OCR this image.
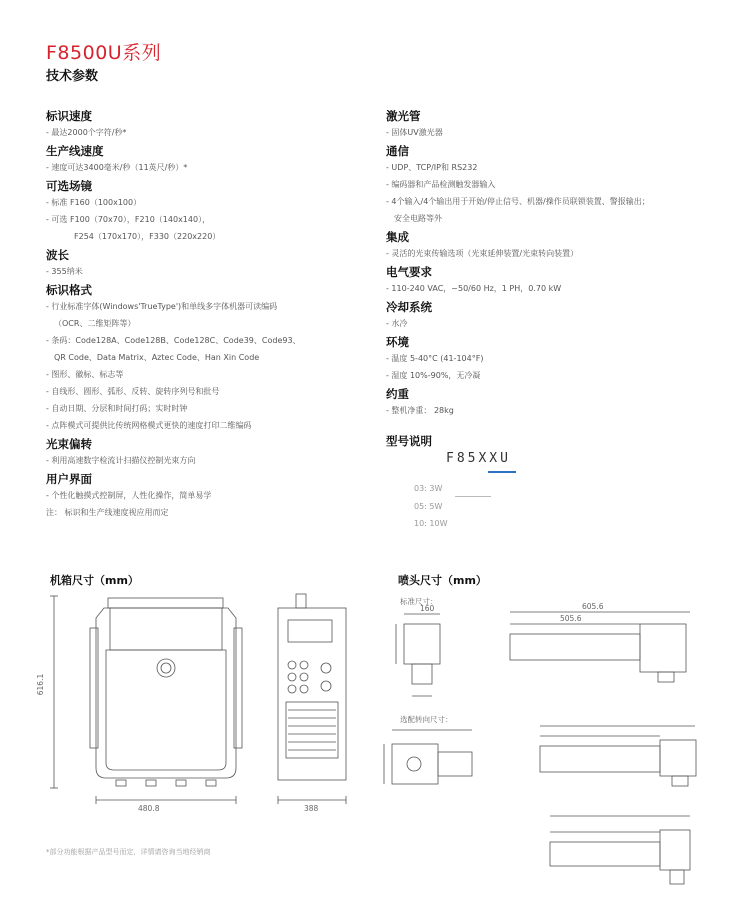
F8500U系列
技术参数
标识速度
- 最达2000个字符/秒*
生产线速度
- 速度可达3400毫米/秒（11英尺/秒）*
可选场镜
- 标准 F160（100x100）
- 可选 F100（70x70），F210（140x140），
F254（170x170），F330（220x220）
波长
- 355纳米
标识格式
- 行业标准字体(Windows'TrueType')和单线多字体机器可读编码
（OCR、二维矩阵等）
- 条码：Code128A、Code128B、Code128C、Code39、Code93、
QR Code、Data Matrix、Aztec Code、Han Xin Code
- 图形、徽标、标志等
- 自线形、圆形、弧形、反转、旋转序列号和批号
- 自动日期、分层和时间打码；实时时钟
- 点阵模式可提供比传统网格模式更快的速度打印二维编码
光束偏转
- 利用高速数字检流计扫描仪控制光束方向
用户界面
- 个性化触摸式控制屏，人性化操作，简单易学
注： 标识和生产线速度视应用而定
激光管
- 固体UV激光器
通信
- UDP、TCP/IP和 RS232
- 编码器和产品检测触发器输入
- 4个输入/4个输出用于开始/停止信号、机器/操作员联锁装置、警报输出；
安全电路等外
集成
- 灵活的光束传输选项（光束延伸装置/光束转向装置）
电气要求
- 110-240 VAC，~50/60 Hz，1 PH，0.70 kW
冷却系统
- 水冷
环境
- 温度 5-40°C (41-104°F)
- 湿度 10%-90%，无冷凝
约重
- 整机净重： 28kg
型号说明
F85XXU
03: 3W
05: 5W
10: 10W
机箱尺寸（mm）	喷头尺寸（mm）
616.1
480.8	388
标准尺寸：
160	605.6
505.6
选配转向尺寸：
*部分功能根据产品型号而定，详情请咨询当地经销商
